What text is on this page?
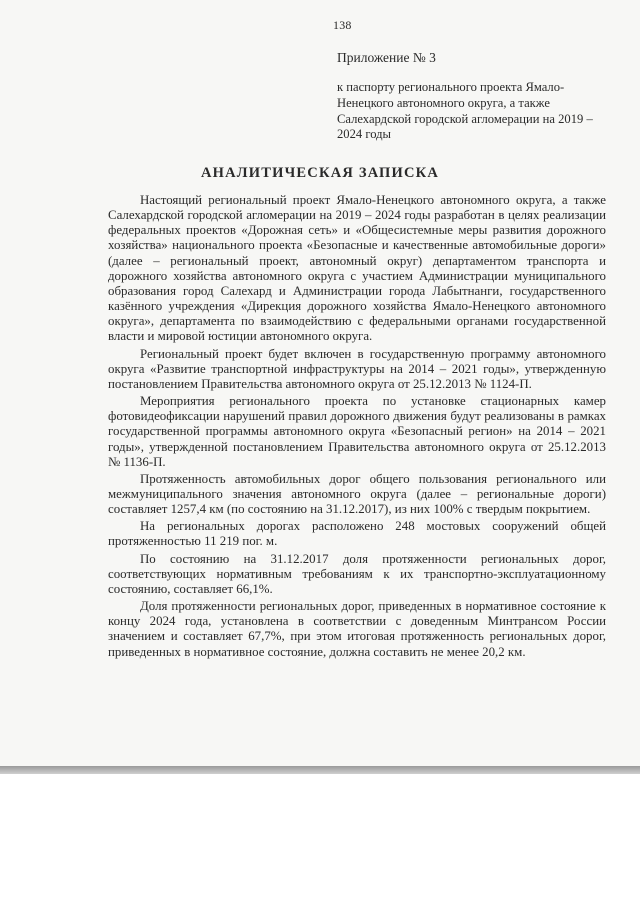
138
Приложение № 3
к паспорту регионального проекта Ямало-Ненецкого автономного округа, а также Салехардской городской агломерации на 2019 – 2024 годы
АНАЛИТИЧЕСКАЯ ЗАПИСКА

Настоящий региональный проект Ямало-Ненецкого автономного округа, а также Салехардской городской агломерации на 2019 – 2024 годы разработан в целях реализации федеральных проектов «Дорожная сеть» и «Общесистемные меры развития дорожного хозяйства» национального проекта «Безопасные и качественные автомобильные дороги» (далее – региональный проект, автономный округ) департаментом транспорта и дорожного хозяйства автономного округа с участием Администрации муниципального образования город Салехард и Администрации города Лабытнанги, государственного казённого учреждения «Дирекция дорожного хозяйства Ямало-Ненецкого автономного округа», департамента по взаимодействию с федеральными органами государственной власти и мировой юстиции автономного округа.

Региональный проект будет включен в государственную программу автономного округа «Развитие транспортной инфраструктуры на 2014 – 2021 годы», утвержденную постановлением Правительства автономного округа от 25.12.2013 № 1124-П.

Мероприятия регионального проекта по установке стационарных камер фотовидеофиксации нарушений правил дорожного движения будут реализованы в рамках государственной программы автономного округа «Безопасный регион» на 2014 – 2021 годы», утвержденной постановлением Правительства автономного округа от 25.12.2013 № 1136-П.

Протяженность автомобильных дорог общего пользования регионального или межмуниципального значения автономного округа (далее – региональные дороги) составляет 1257,4 км (по состоянию на 31.12.2017), из них 100% с твердым покрытием.

На региональных дорогах расположено 248 мостовых сооружений общей протяженностью 11 219 пог. м.

По состоянию на 31.12.2017 доля протяженности региональных дорог, соответствующих нормативным требованиям к их транспортно-эксплуатационному состоянию, составляет 66,1%.

Доля протяженности региональных дорог, приведенных в нормативное состояние к концу 2024 года, установлена в соответствии с доведенным Минтрансом России значением и составляет 67,7%, при этом итоговая протяженность региональных дорог, приведенных в нормативное состояние, должна составить не менее 20,2 км.
